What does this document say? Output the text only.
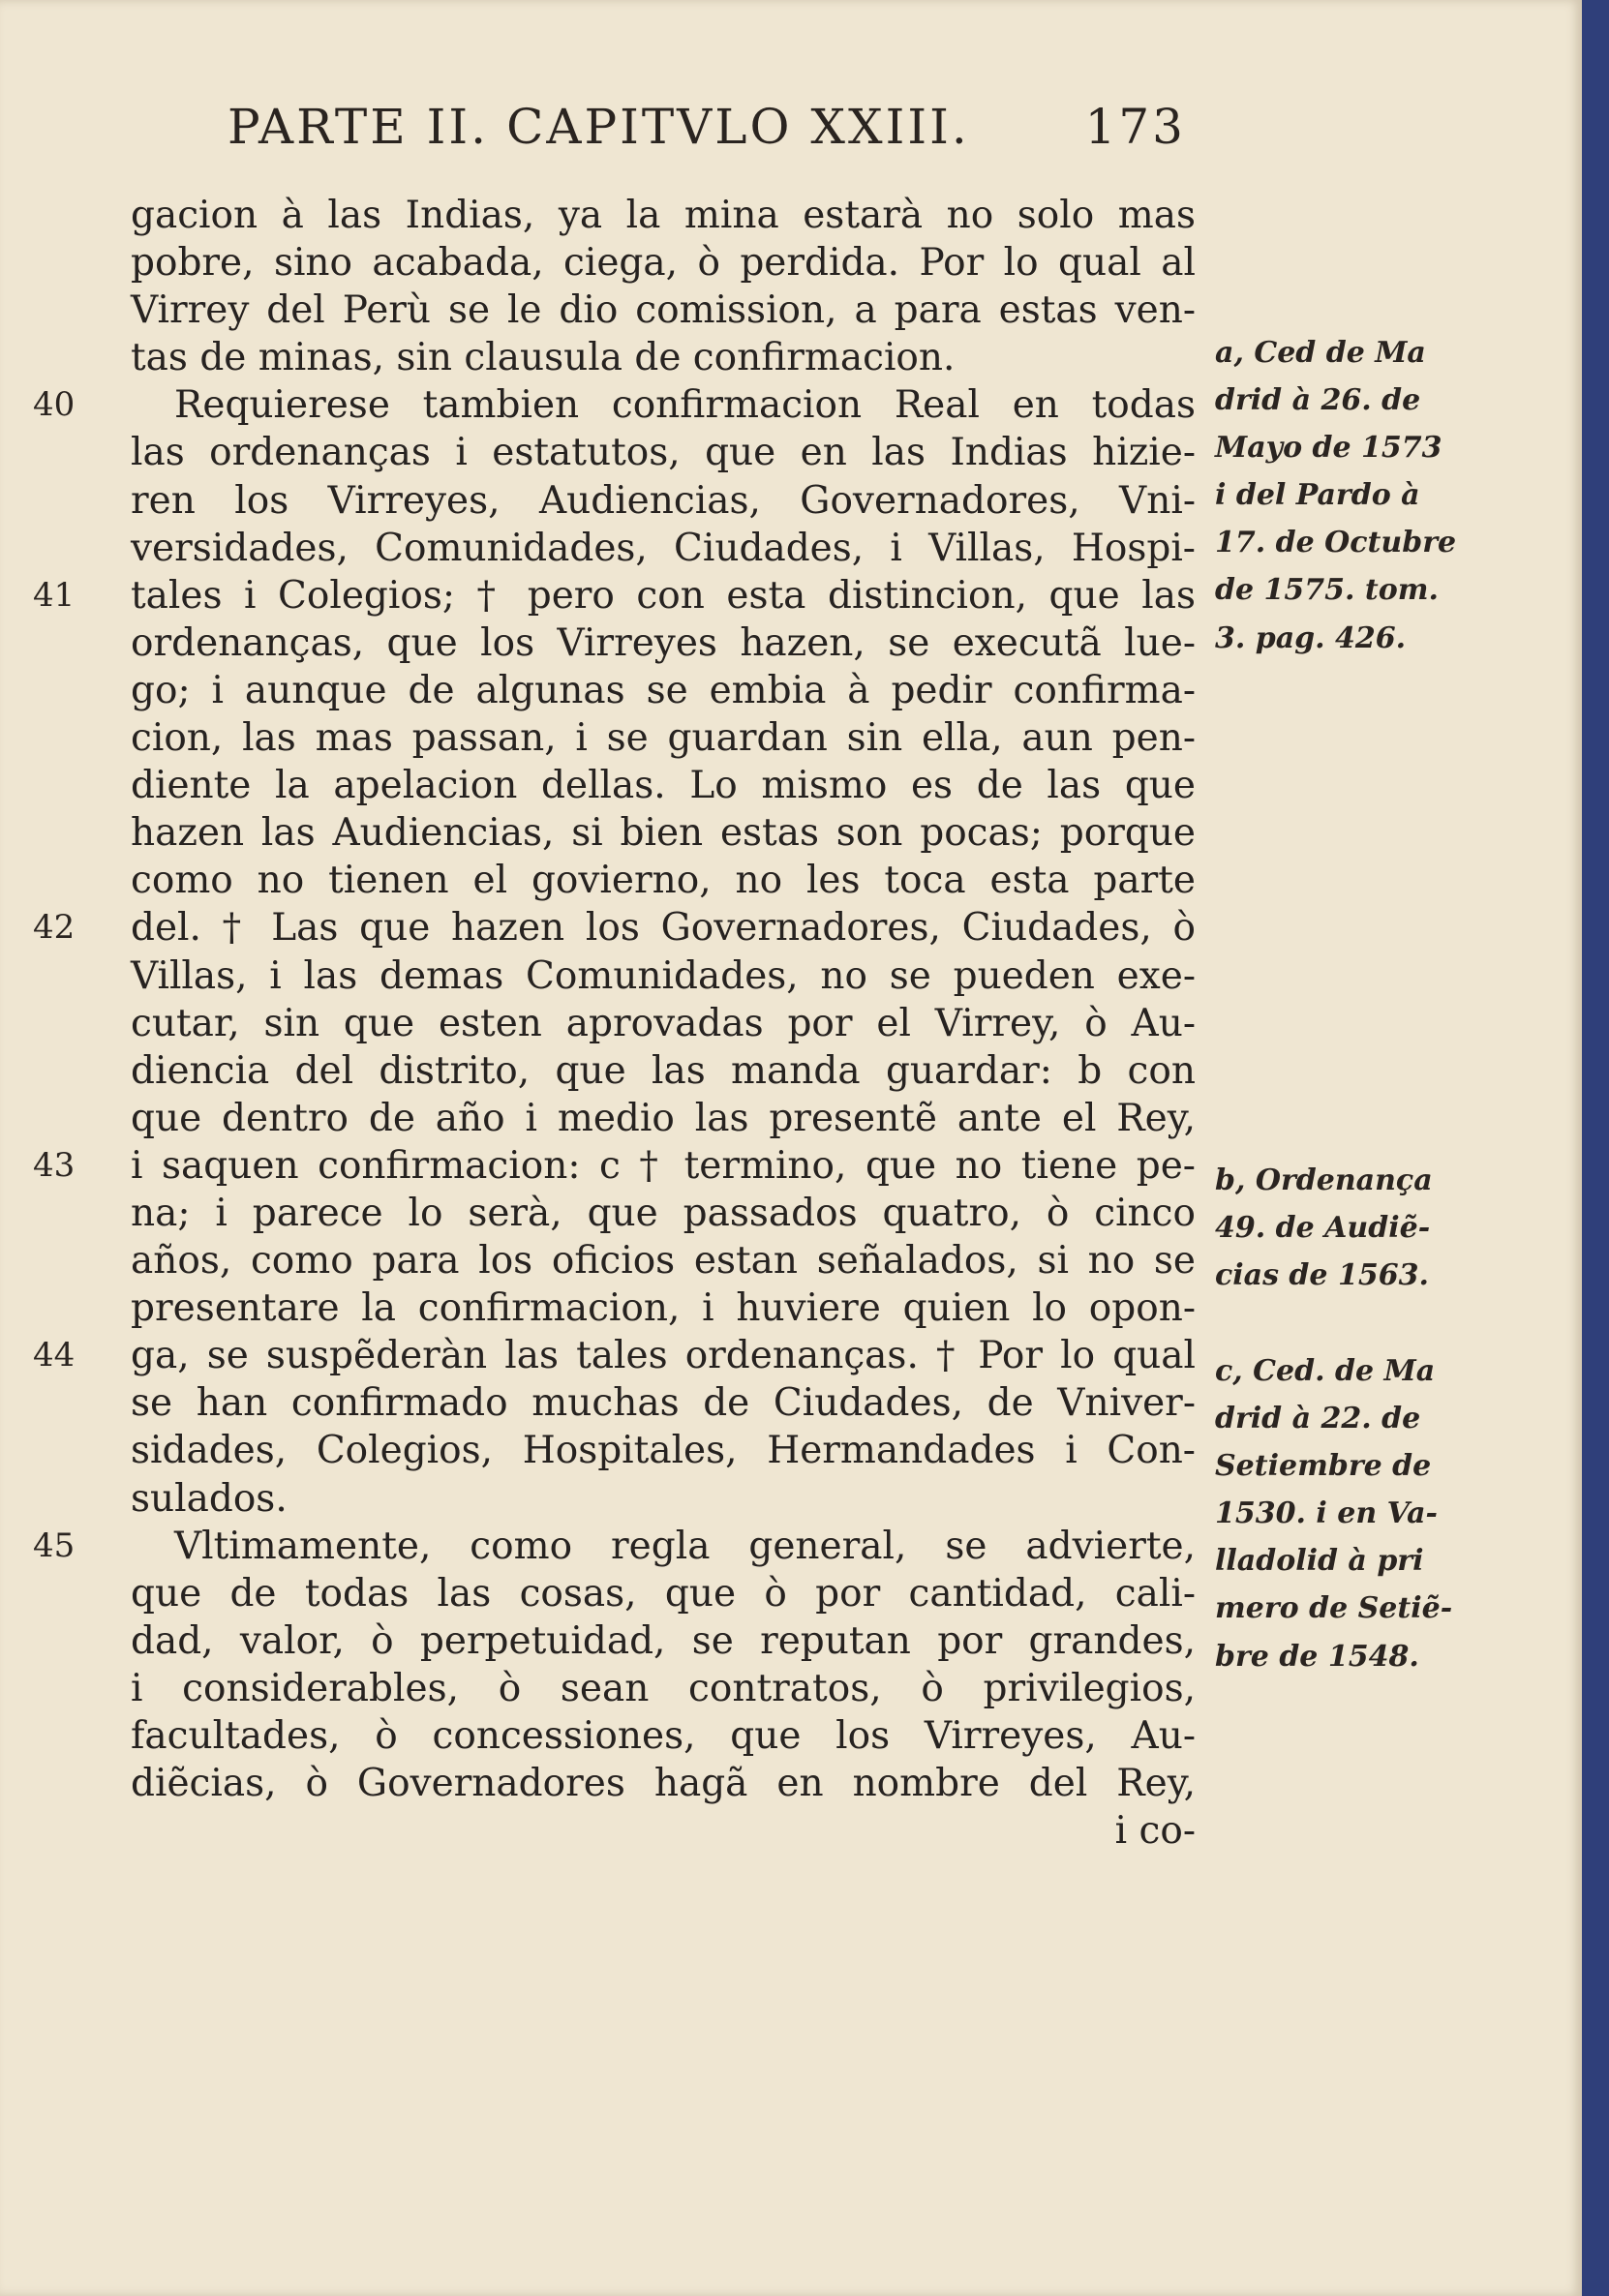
PARTE II. CAPITVLO XXIII. 173
40
41
42
43
44
45
gacion à las Indias, ya la mina estarà no solo mas
pobre, sino acabada, ciega, ò perdida. Por lo qual al
Virrey del Perù se le dio comission, a para estas ven-
tas de minas, sin clausula de confirmacion.
Requierese tambien confirmacion Real en todas
las ordenanças i estatutos, que en las Indias hizie-
ren los Virreyes, Audiencias, Governadores, Vni-
versidades, Comunidades, Ciudades, i Villas, Hospi-
tales i Colegios; † pero con esta distincion, que las
ordenanças, que los Virreyes hazen, se executã lue-
go; i aunque de algunas se embia à pedir confirma-
cion, las mas passan, i se guardan sin ella, aun pen-
diente la apelacion dellas. Lo mismo es de las que
hazen las Audiencias, si bien estas son pocas; porque
como no tienen el govierno, no les toca esta parte
del. † Las que hazen los Governadores, Ciudades, ò
Villas, i las demas Comunidades, no se pueden exe-
cutar, sin que esten aprovadas por el Virrey, ò Au-
diencia del distrito, que las manda guardar: b con
que dentro de año i medio las presentẽ ante el Rey,
i saquen confirmacion: c † termino, que no tiene pe-
na; i parece lo serà, que passados quatro, ò cinco
años, como para los oficios estan señalados, si no se
presentare la confirmacion, i huviere quien lo opon-
ga, se suspẽderàn las tales ordenanças. † Por lo qual
se han confirmado muchas de Ciudades, de Vniver-
sidades, Colegios, Hospitales, Hermandades i Con-
sulados.
Vltimamente, como regla general, se advierte,
que de todas las cosas, que ò por cantidad, cali-
dad, valor, ò perpetuidad, se reputan por grandes,
i considerables, ò sean contratos, ò privilegios,
facultades, ò concessiones, que los Virreyes, Au-
diẽcias, ò Governadores hagã en nombre del Rey,
i co-
a, Ced de Ma
drid à 26. de
Mayo de 1573
i del Pardo à
17. de Octubre
de 1575. tom.
3. pag. 426.
b, Ordenança
49. de Audiẽ-
cias de 1563.
c, Ced. de Ma
drid à 22. de
Setiembre de
1530. i en Va-
lladolid à pri
mero de Setiẽ-
bre de 1548.
